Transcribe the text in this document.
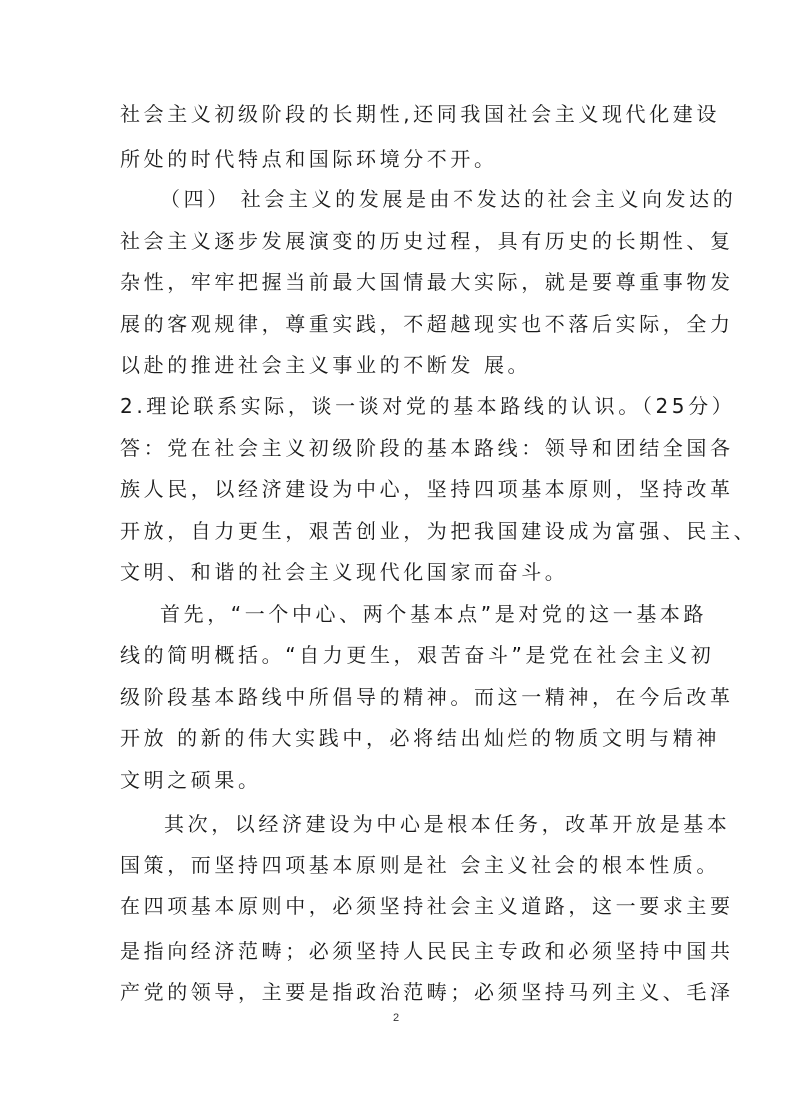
社会主义初级阶段的长期性,还同我国社会主义现代化建设
所处的时代特点和国际环境分不开。
（四） 社会主义的发展是由不发达的社会主义向发达的
社会主义逐步发展演变的历史过程，具有历史的长期性、复
杂性，牢牢把握当前最大国情最大实际，就是要尊重事物发
展的客观规律，尊重实践，不超越现实也不落后实际，全力
以赴的推进社会主义事业的不断发 展。
2.理论联系实际，谈一谈对党的基本路线的认识。（25分）
答：党在社会主义初级阶段的基本路线：领导和团结全国各
族人民，以经济建设为中心，坚持四项基本原则，坚持改革
开放，自力更生，艰苦创业，为把我国建设成为富强、民主、
文明、和谐的社会主义现代化国家而奋斗。
首先，“一个中心、两个基本点”是对党的这一基本路
线的简明概括。“自力更生，艰苦奋斗”是党在社会主义初
级阶段基本路线中所倡导的精神。而这一精神，在今后改革
开放 的新的伟大实践中，必将结出灿烂的物质文明与精神
文明之硕果。
其次，以经济建设为中心是根本任务，改革开放是基本
国策，而坚持四项基本原则是社 会主义社会的根本性质。
在四项基本原则中，必须坚持社会主义道路，这一要求主要
是指向经济范畴；必须坚持人民民主专政和必须坚持中国共
产党的领导，主要是指政治范畴；必须坚持马列主义、毛泽
2
